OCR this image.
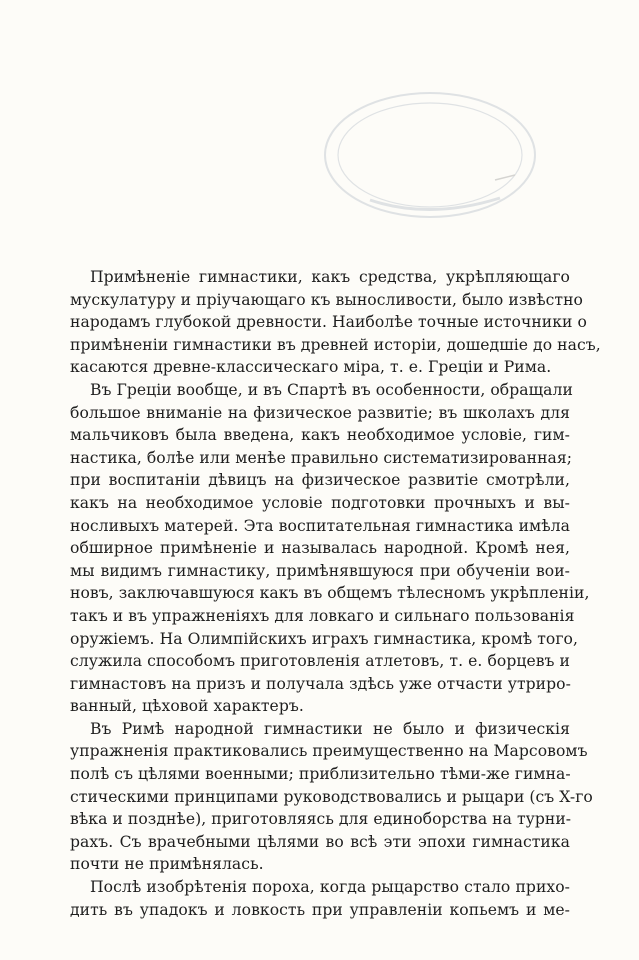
Примѣненіе гимнастики, какъ средства, укрѣпляющаго
мускулатуру и пріучающаго къ выносливости, было извѣстно
народамъ глубокой древности. Наиболѣе точные источники о
примѣненіи гимнастики въ древней исторіи, дошедшіе до насъ,
касаются древне-классическаго міра, т. е. Греціи и Рима.
Въ Греціи вообще, и въ Спартѣ въ особенности, обращали
большое вниманіе на физическое развитіе; въ школахъ для
мальчиковъ была введена, какъ необходимое условіе, гим-
настика, болѣе или менѣе правильно систематизированная;
при воспитаніи дѣвицъ на физическое развитіе смотрѣли,
какъ на необходимое условіе подготовки прочныхъ и вы-
носливыхъ матерей. Эта воспитательная гимнастика имѣла
обширное примѣненіе и называлась народной. Кромѣ нея,
мы видимъ гимнастику, примѣнявшуюся при обученіи вои-
новъ, заключавшуюся какъ въ общемъ тѣлесномъ укрѣпленіи,
такъ и въ упражненіяхъ для ловкаго и сильнаго пользованія
оружіемъ. На Олимпійскихъ играхъ гимнастика, кромѣ того,
служила способомъ приготовленія атлетовъ, т. е. борцевъ и
гимнастовъ на призъ и получала здѣсь уже отчасти утриро-
ванный, цѣховой характеръ.
Въ Римѣ народной гимнастики не было и физическія
упражненія практиковались преимущественно на Марсовомъ
полѣ съ цѣлями военными; приблизительно тѣми-же гимна-
стическими принципами руководствовались и рыцари (съ X-го
вѣка и позднѣе), приготовляясь для единоборства на турни-
рахъ. Съ врачебными цѣлями во всѣ эти эпохи гимнастика
почти не примѣнялась.
Послѣ изобрѣтенія пороха, когда рыцарство стало прихо-
дить въ упадокъ и ловкость при управленіи копьемъ и ме-
